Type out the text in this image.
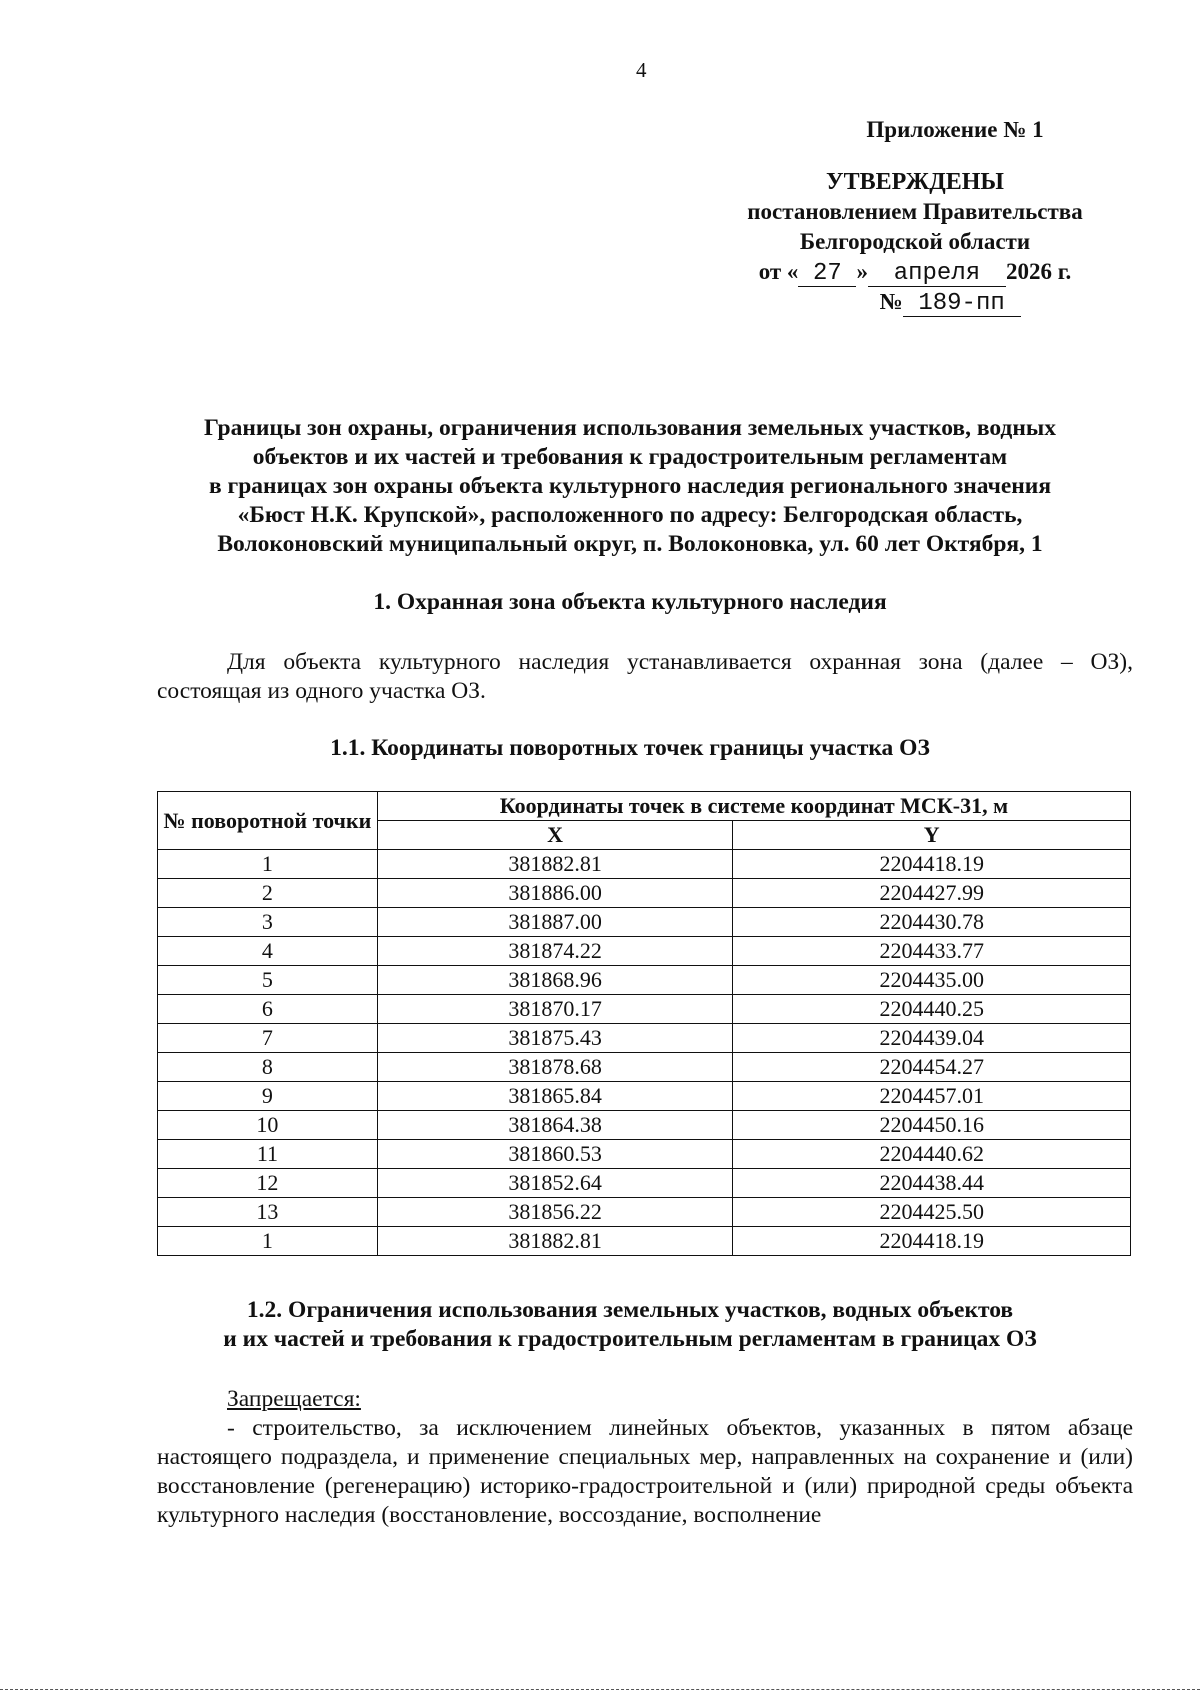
4
Приложение № 1
УТВЕРЖДЕНЫ
постановлением Правительства
Белгородской области
от « 27 » апреля 2026 г.
№ 189-пп
Границы зон охраны, ограничения использования земельных участков, водных
объектов и их частей и требования к градостроительным регламентам
в границах зон охраны объекта культурного наследия регионального значения
«Бюст Н.К. Крупской», расположенного по адресу: Белгородская область,
Волоконовский муниципальный округ, п. Волоконовка, ул. 60 лет Октября, 1
1. Охранная зона объекта культурного наследия
Для объекта культурного наследия устанавливается охранная зона (далее – ОЗ), состоящая из одного участка ОЗ.
1.1. Координаты поворотных точек границы участка ОЗ
№ поворотной точки	Координаты точек в системе координат МСК-31, м	
	X	Y
1	381882.81	2204418.19
2	381886.00	2204427.99
3	381887.00	2204430.78
4	381874.22	2204433.77
5	381868.96	2204435.00
6	381870.17	2204440.25
7	381875.43	2204439.04
8	381878.68	2204454.27
9	381865.84	2204457.01
10	381864.38	2204450.16
11	381860.53	2204440.62
12	381852.64	2204438.44
13	381856.22	2204425.50
1	381882.81	2204418.19
1.2. Ограничения использования земельных участков, водных объектов
и их частей и требования к градостроительным регламентам в границах ОЗ
Запрещается:
- строительство, за исключением линейных объектов, указанных в пятом абзаце настоящего подраздела, и применение специальных мер, направленных на сохранение и (или) восстановление (регенерацию) историко-градостроительной и (или) природной среды объекта культурного наследия (восстановление, воссоздание, восполнение
